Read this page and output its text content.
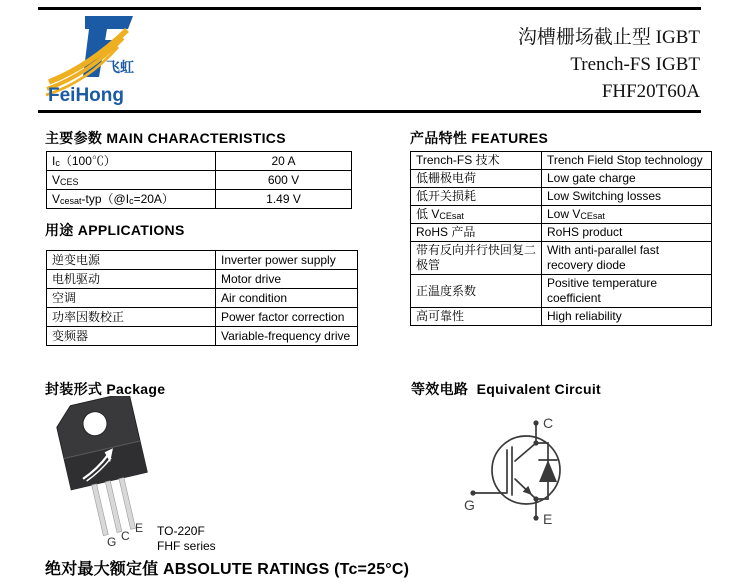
飞虹
FeiHong
沟槽栅场截止型 IGBT
Trench-FS IGBT
FHF20T60A
主要参数 MAIN CHARACTERISTICS
用途 APPLICATIONS
产品特性 FEATURES
封装形式 Package	等效电路  Equivalent Circuit
绝对最大额定值 ABSOLUTE RATINGS (Tc=25°C)
$I_c(100℃)$	20 A
$V_{CES}$	600 V
$V_{cesat}-typ(@I_c=20A)$	1.49 V
逆变电源	Inverter power supply
电机驱动	Motor drive
空调	Air condition
功率因数校正	Power factor correction
变频器	Variable-frequency drive
Trench-FS 技术	Trench Field Stop technology
低栅极电荷	Low gate charge
低开关损耗	Low Switching losses
低 $V_{CEsat}$	Low $V_{CEsat}$
RoHS 产品	RoHS product
带有反向并行快回复二极管	With anti-parallel fast recovery diode
正温度系数	Positive temperature coefficient
高可靠性	High reliability
G C
E TO-220F
FHF series
C
G
E
